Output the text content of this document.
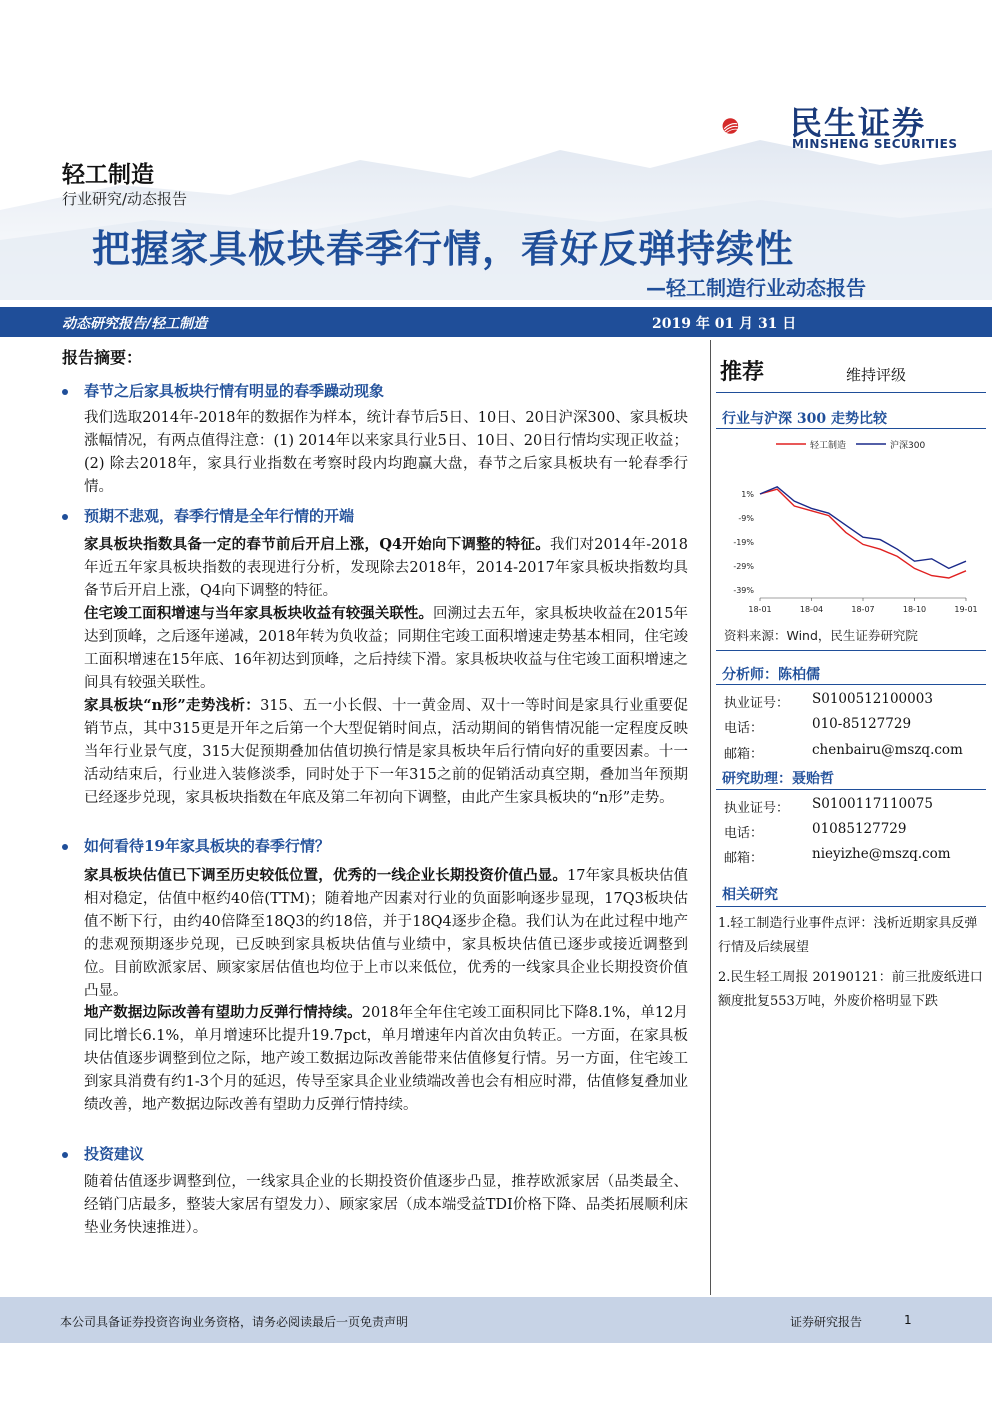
民生证券
MINSHENG SECURITIES
轻工制造
行业研究/动态报告
把握家具板块春季行情，看好反弹持续性
—轻工制造行业动态报告
动态研究报告/轻工制造	2019 年 01 月 31 日
报告摘要：
春节之后家具板块行情有明显的春季躁动现象
我们选取2014年-2018年的数据作为样本，统计春节后5日、10日、20日沪深300、家具板块涨幅情况，有两点值得注意：(1) 2014年以来家具行业5日、10日、20日行情均实现正收益；(2) 除去2018年，家具行业指数在考察时段内均跑赢大盘，春节之后家具板块有一轮春季行情。
预期不悲观，春季行情是全年行情的开端
家具板块指数具备一定的春节前后开启上涨，Q4开始向下调整的特征。我们对2014年-2018年近五年家具板块指数的表现进行分析，发现除去2018年，2014-2017年家具板块指数均具备节后开启上涨，Q4向下调整的特征。
住宅竣工面积增速与当年家具板块收益有较强关联性。回溯过去五年，家具板块收益在2015年达到顶峰，之后逐年递减，2018年转为负收益；同期住宅竣工面积增速走势基本相同，住宅竣工面积增速在15年底、16年初达到顶峰，之后持续下滑。家具板块收益与住宅竣工面积增速之间具有较强关联性。
家具板块“n形”走势浅析：315、五一小长假、十一黄金周、双十一等时间是家具行业重要促销节点，其中315更是开年之后第一个大型促销时间点，活动期间的销售情况能一定程度反映当年行业景气度，315大促预期叠加估值切换行情是家具板块年后行情向好的重要因素。十一活动结束后，行业进入装修淡季，同时处于下一年315之前的促销活动真空期，叠加当年预期已经逐步兑现，家具板块指数在年底及第二年初向下调整，由此产生家具板块的“n形”走势。
如何看待19年家具板块的春季行情？
家具板块估值已下调至历史较低位置，优秀的一线企业长期投资价值凸显。17年家具板块估值相对稳定，估值中枢约40倍(TTM)；随着地产因素对行业的负面影响逐步显现，17Q3板块估值不断下行，由约40倍降至18Q3的约18倍，并于18Q4逐步企稳。我们认为在此过程中地产的悲观预期逐步兑现，已反映到家具板块估值与业绩中，家具板块估值已逐步或接近调整到位。目前欧派家居、顾家家居估值也均位于上市以来低位，优秀的一线家具企业长期投资价值凸显。
地产数据边际改善有望助力反弹行情持续。2018年全年住宅竣工面积同比下降8.1%，单12月同比增长6.1%，单月增速环比提升19.7pct，单月增速年内首次由负转正。一方面，在家具板块估值逐步调整到位之际，地产竣工数据边际改善能带来估值修复行情。另一方面，住宅竣工到家具消费有约1-3个月的延迟，传导至家具企业业绩端改善也会有相应时滞，估值修复叠加业绩改善，地产数据边际改善有望助力反弹行情持续。
投资建议
随着估值逐步调整到位，一线家具企业的长期投资价值逐步凸显，推荐欧派家居（品类最全、经销门店最多，整装大家居有望发力）、顾家家居（成本端受益TDI价格下降、品类拓展顺利床垫业务快速推进）。
推荐	维持评级
行业与沪深 300 走势比较
轻工制造	沪深300
1%
-9%
-19%
-29%
-39%
18-01	18-04	18-07	18-10	19-01
资料来源：Wind，民生证券研究院
分析师：陈柏儒
执业证号： S0100512100003
电话：	010-85127729
邮箱：	chenbairu@mszq.com
研究助理：聂贻哲
执业证号： S0100117110075
电话：	01085127729
邮箱：	nieyizhe@mszq.com
相关研究
1.轻工制造行业事件点评：浅析近期家具反弹行情及后续展望
2.民生轻工周报 20190121：前三批废纸进口额度批复553万吨，外废价格明显下跌
本公司具备证券投资咨询业务资格，请务必阅读最后一页免责声明	证券研究报告	1
